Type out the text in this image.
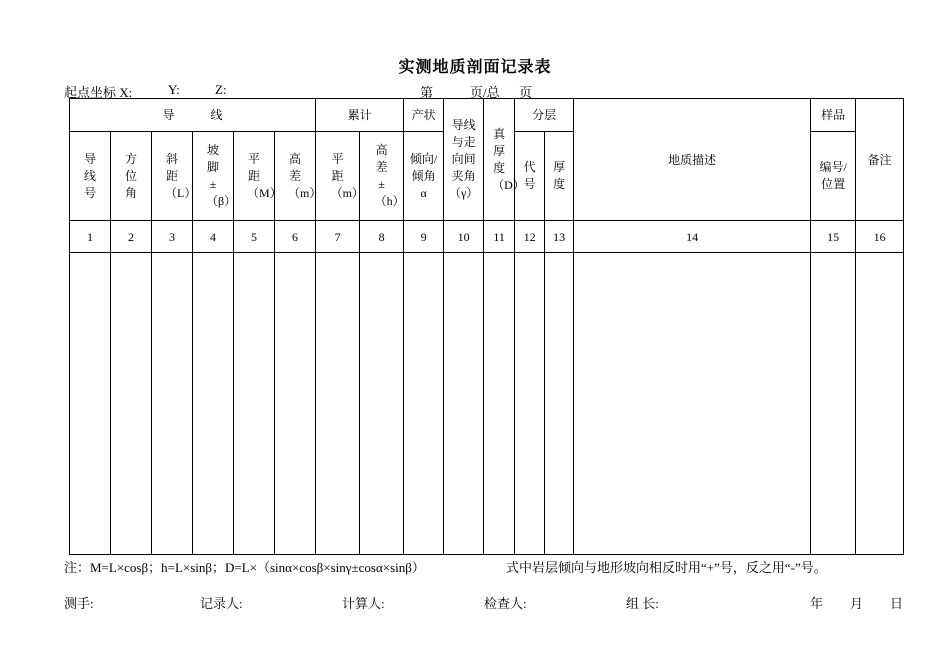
实测地质剖面记录表
起点坐标 X:	Y:	Z:	第	页/总 页
导            线						累计		产状	导线与走向间夹角（γ）	真厚度（D）	分层		地质描述	样品	备注
导线号	方位角	斜距（L）	坡脚±（β）	平距（M）	高差（m）	平距（m）	高差±（h）	倾向/倾角α			代号	厚度		编号/位置	
1	2	3	4	5	6	7	8	9	10	11	12	13	14	15	16

注：M=L×cosβ；h=L×sinβ；D=L×（sinα×cosβ×sinγ±cosα×sinβ）	式中岩层倾向与地形坡向相反时用“+”号，反之用“-”号。
测手:	记录人:	计算人:	检查人:	组 长:	年 月 日
